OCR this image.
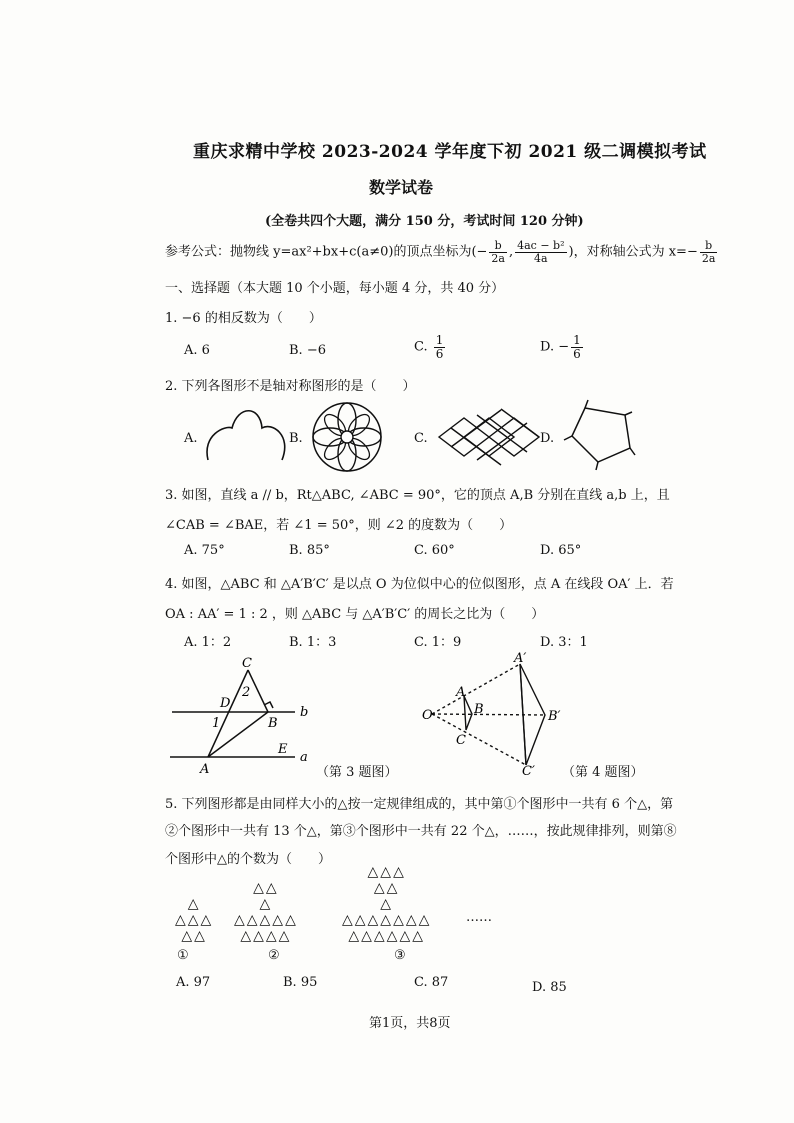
重庆求精中学校 2023-2024 学年度下初 2021 级二调模拟考试
数学试卷
(全卷共四个大题，满分 150 分，考试时间 120 分钟)
参考公式：抛物线 y=ax²+bx+c(a≠0)的顶点坐标为(− $\frac{b}{2a}$ , $\frac{\text{4ac − b²}}{4a}$ )，对称轴公式为 $x=- \frac{b}{2a}$
一、选择题（本大题 10 个小题，每小题 4 分，共 40 分）
1. −6 的相反数为（　　）
A. 6	B. −6	C. $\frac{1}{6}$	D. − $\frac{1}{6}$
2. 下列各图形不是轴对称图形的是（　　）
A.	B.	C.	D.
3. 如图，直线 a // b，Rt△ABC, ∠ABC = 90°，它的顶点 A,B 分别在直线 a,b 上，且
∠CAB = ∠BAE，若 ∠1 = 50°，则 ∠2 的度数为（　　）
A. 75°	B. 85°	C. 60°	D. 65°
4. 如图，△ABC 和 △A′B′C′ 是以点 O 为位似中心的位似图形，点 A 在线段 OA′ 上．若
OA : AA′ = 1 : 2 ，则 △ABC 与 △A′B′C′ 的周长之比为（　　）
A. 1：2	B. 1：3	C. 1：9	D. 3：1
C
2
D
1	B
b
E
a
A	（第 3 题图）
A′
A
O	B	B′
C
C′ （第 4 题图）
5. 下列图形都是由同样大小的△按一定规律组成的，其中第①个图形中一共有 6 个△，第
②个图形中一共有 13 个△，第③个图形中一共有 22 个△，……，按此规律排列，则第⑧
个图形中△的个数为（　　）
△
△△△
△△
△△
△
△△△△△
△△△△
△△△
△△
△
△△△△△△△
△△△△△△
……
①	②	③
A. 97	B. 95	C. 87	D. 85
第1页，共8页
